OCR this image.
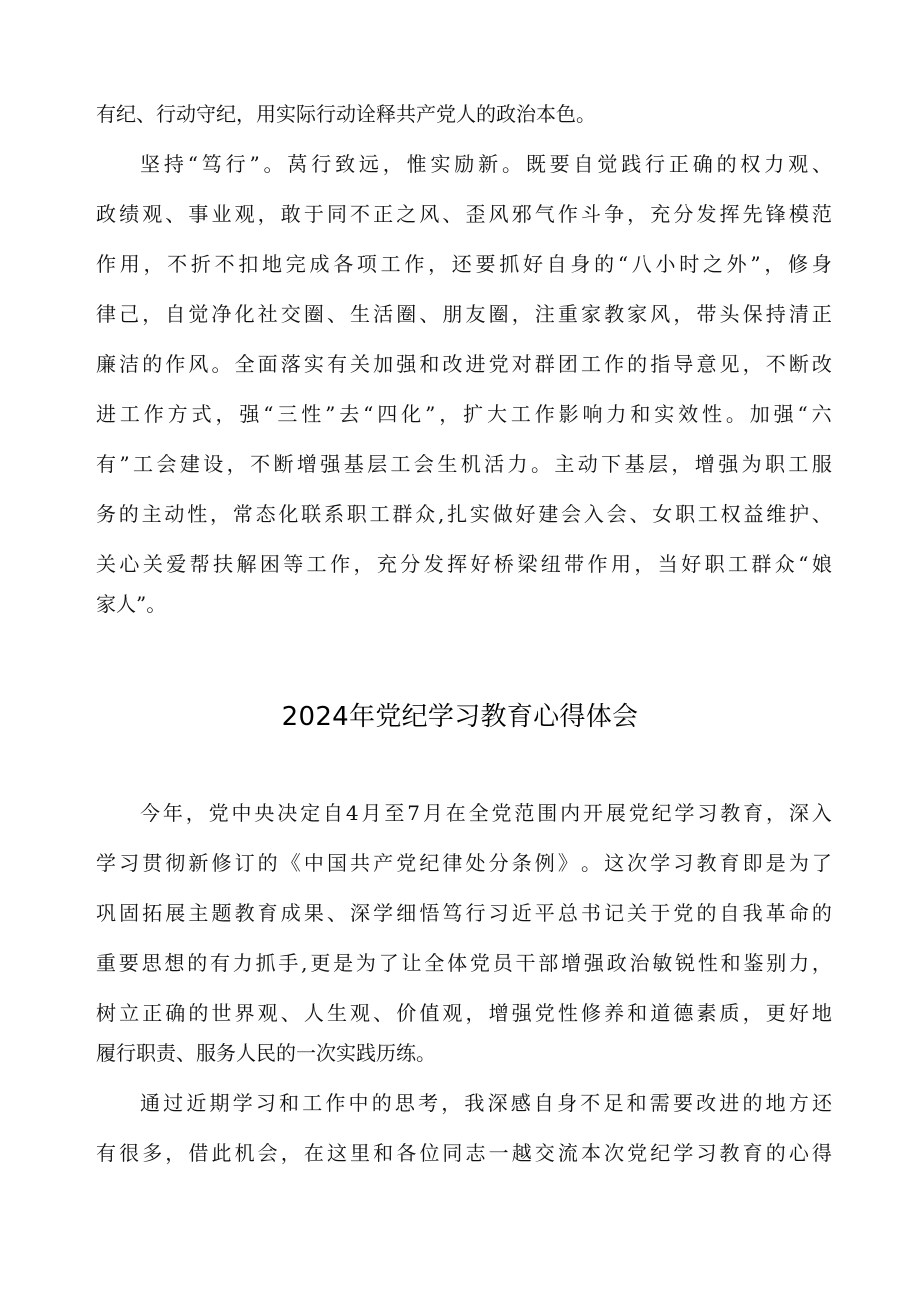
有纪、行动守纪，用实际行动诠释共产党人的政治本色。
坚 持 “ 笃 行 ” 。 莴 行 致 远 ， 惟 实 励 新 。 既 要 自 觉 践 行 正 确 的 权 力 观 、
政 绩 观 、 事 业 观 ， 敢 于 同 不 正 之 风 、 歪 风 邪 气 作 斗 争 ， 充 分 发 挥 先 锋 模 范
作 用 ， 不 折 不 扣 地 完 成 各 项 工 作 ， 还 要 抓 好 自 身 的 “ 八 小 时 之 外 ” ， 修 身
律 己 ， 自 觉 净 化 社 交 圈 、 生 活 圈 、 朋 友 圈 ， 注 重 家 教 家 风 ， 带 头 保 持 清 正
廉 洁 的 作 风 。 全 面 落 实 有 关 加 强 和 改 进 党 对 群 团 工 作 的 指 导 意 见 ， 不 断 改
进 工 作 方 式 ， 强 “ 三 性 ” 去 “ 四 化 ” ， 扩 大 工 作 影 响 力 和 实 效 性 。 加 强 “ 六
有 ” 工 会 建 设 ， 不 断 增 强 基 层 工 会 生 机 活 力 。 主 动 下 基 层 ， 增 强 为 职 工 服
务 的 主 动 性 ， 常 态 化 联 系 职 工 群 众 , 扎 实 做 好 建 会 入 会 、 女 职 工 权 益 维 护 、
关 心 关 爱 帮 扶 解 困 等 工 作 ， 充 分 发 挥 好 桥 梁 纽 带 作 用 ， 当 好 职 工 群 众 “ 娘
家人”。
2024年党纪学习教育心得体会
今 年 ， 党 中 央 决 定 自 4 月 至 7 月 在 全 党 范 围 内 开 展 党 纪 学 习 教 育 ， 深 入
学 习 贯 彻 新 修 订 的 《 中 国 共 产 党 纪 律 处 分 条 例 》 。 这 次 学 习 教 育 即 是 为 了
巩 固 拓 展 主 题 教 育 成 果 、 深 学 细 悟 笃 行 习 近 平 总 书 记 关 于 党 的 自 我 革 命 的
重 要 思 想 的 有 力 抓 手 , 更 是 为 了 让 全 体 党 员 干 部 增 强 政 治 敏 锐 性 和 鉴 别 力 ，
树 立 正 确 的 世 界 观 、 人 生 观 、 价 值 观 ， 增 强 党 性 修 养 和 道 德 素 质 ， 更 好 地
履行职责、服务人民的一次实践历练。
通 过 近 期 学 习 和 工 作 中 的 思 考 ， 我 深 感 自 身 不 足 和 需 要 改 进 的 地 方 还
有 很 多 ， 借 此 机 会 ， 在 这 里 和 各 位 同 志 一 越 交 流 本 次 党 纪 学 习 教 育 的 心 得
